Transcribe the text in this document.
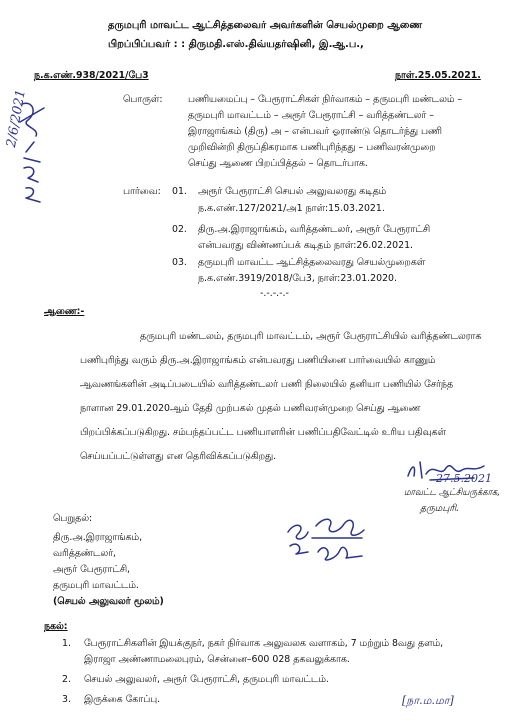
தருமபுரி மாவட்ட ஆட்சித்தலைவர் அவர்களின் செயல்முறை ஆணை
பிறப்பிப்பவர் : : திருமதி.எஸ்.திவ்யதர்ஷினி, இ.ஆ.ப.,
ந.க.எண்.938/2021/பே3	நாள்.25.05.2021.
2/6/2021	பொருள்:	பணியமைப்பு – பேரூராட்சிகள் நிர்வாகம் – தருமபுரி மண்டலம் –
தருமபுரி மாவட்டம் – அரூர் பேரூராட்சி – வரித்தண்டலர் –
இராஜாங்கம் (திரு) அ – என்பவர் ஓராண்டு தொடர்ந்து பணி
முறிவின்றி திருப்திகரமாக பணிபுரிந்தது – பணிவரன்முறை
செய்து ஆணை பிறப்பித்தல் – தொடர்பாக.
பார்வை: 01. அரூர் பேரூராட்சி செயல் அலுவலரது கடிதம்
ந.க.எண்.127/2021/அ1 நாள்:15.03.2021.
02. திரு.அ.இராஜாங்கம், வரித்தண்டலர், அரூர் பேரூராட்சி
என்பவரது விண்ணப்பக் கடிதம் நாள்:26.02.2021.
03. தருமபுரி மாவட்ட ஆட்சித்தலைவரது செயல்முறைகள்
ந.க.எண்.3919/2018/பே3, நாள்:23.01.2020.
-.-.-.-.-
ஆணை:-
தருமபுரி மண்டலம், தருமபுரி மாவட்டம், அரூர் பேரூராட்சியில் வரித்தண்டலராக
பணிபுரிந்து வரும் திரு.அ.இராஜாங்கம் என்பவரது பணியினை பார்வையில் காணும்
ஆவணங்களின் அடிப்படையில் வரித்தண்டலர் பணி நிலையில் தனியா பணியில் சேர்ந்த
நாளான 29.01.2020ஆம் தேதி முற்பகல் முதல் பணிவரன்முறை செய்து ஆணை
பிறப்பிக்கப்படுகிறது. சம்பந்தப்பட்ட பணியாளரின் பணிப்பதிவேட்டில் உரிய பதிவுகள்
செய்யப்பட்டுள்ளது என தெரிவிக்கப்படுகிறது.
27.5.2021
மாவட்ட ஆட்சியருக்காக,
தருமபுரி.
பெறுதல்:
திரு.அ.இராஜாங்கம்,
வரித்தண்டலர்,
அரூர் பேரூராட்சி,
தருமபுரி மாவட்டம்.
(செயல் அலுவலர் மூலம்)
நகல்:
1. பேரூராட்சிகளின் இயக்குநர், நகர் நிர்வாக அலுவலக வளாகம், 7 மற்றும் 8வது தளம்,
இராஜா அண்ணாமலைபுரம், சென்னை–600 028 தகவலுக்காக.
2. செயல் அலுவலர், அரூர் பேரூராட்சி, தருமபுரி மாவட்டம்.
3. இருக்கை கோப்பு.	[நா.ம.மா]
